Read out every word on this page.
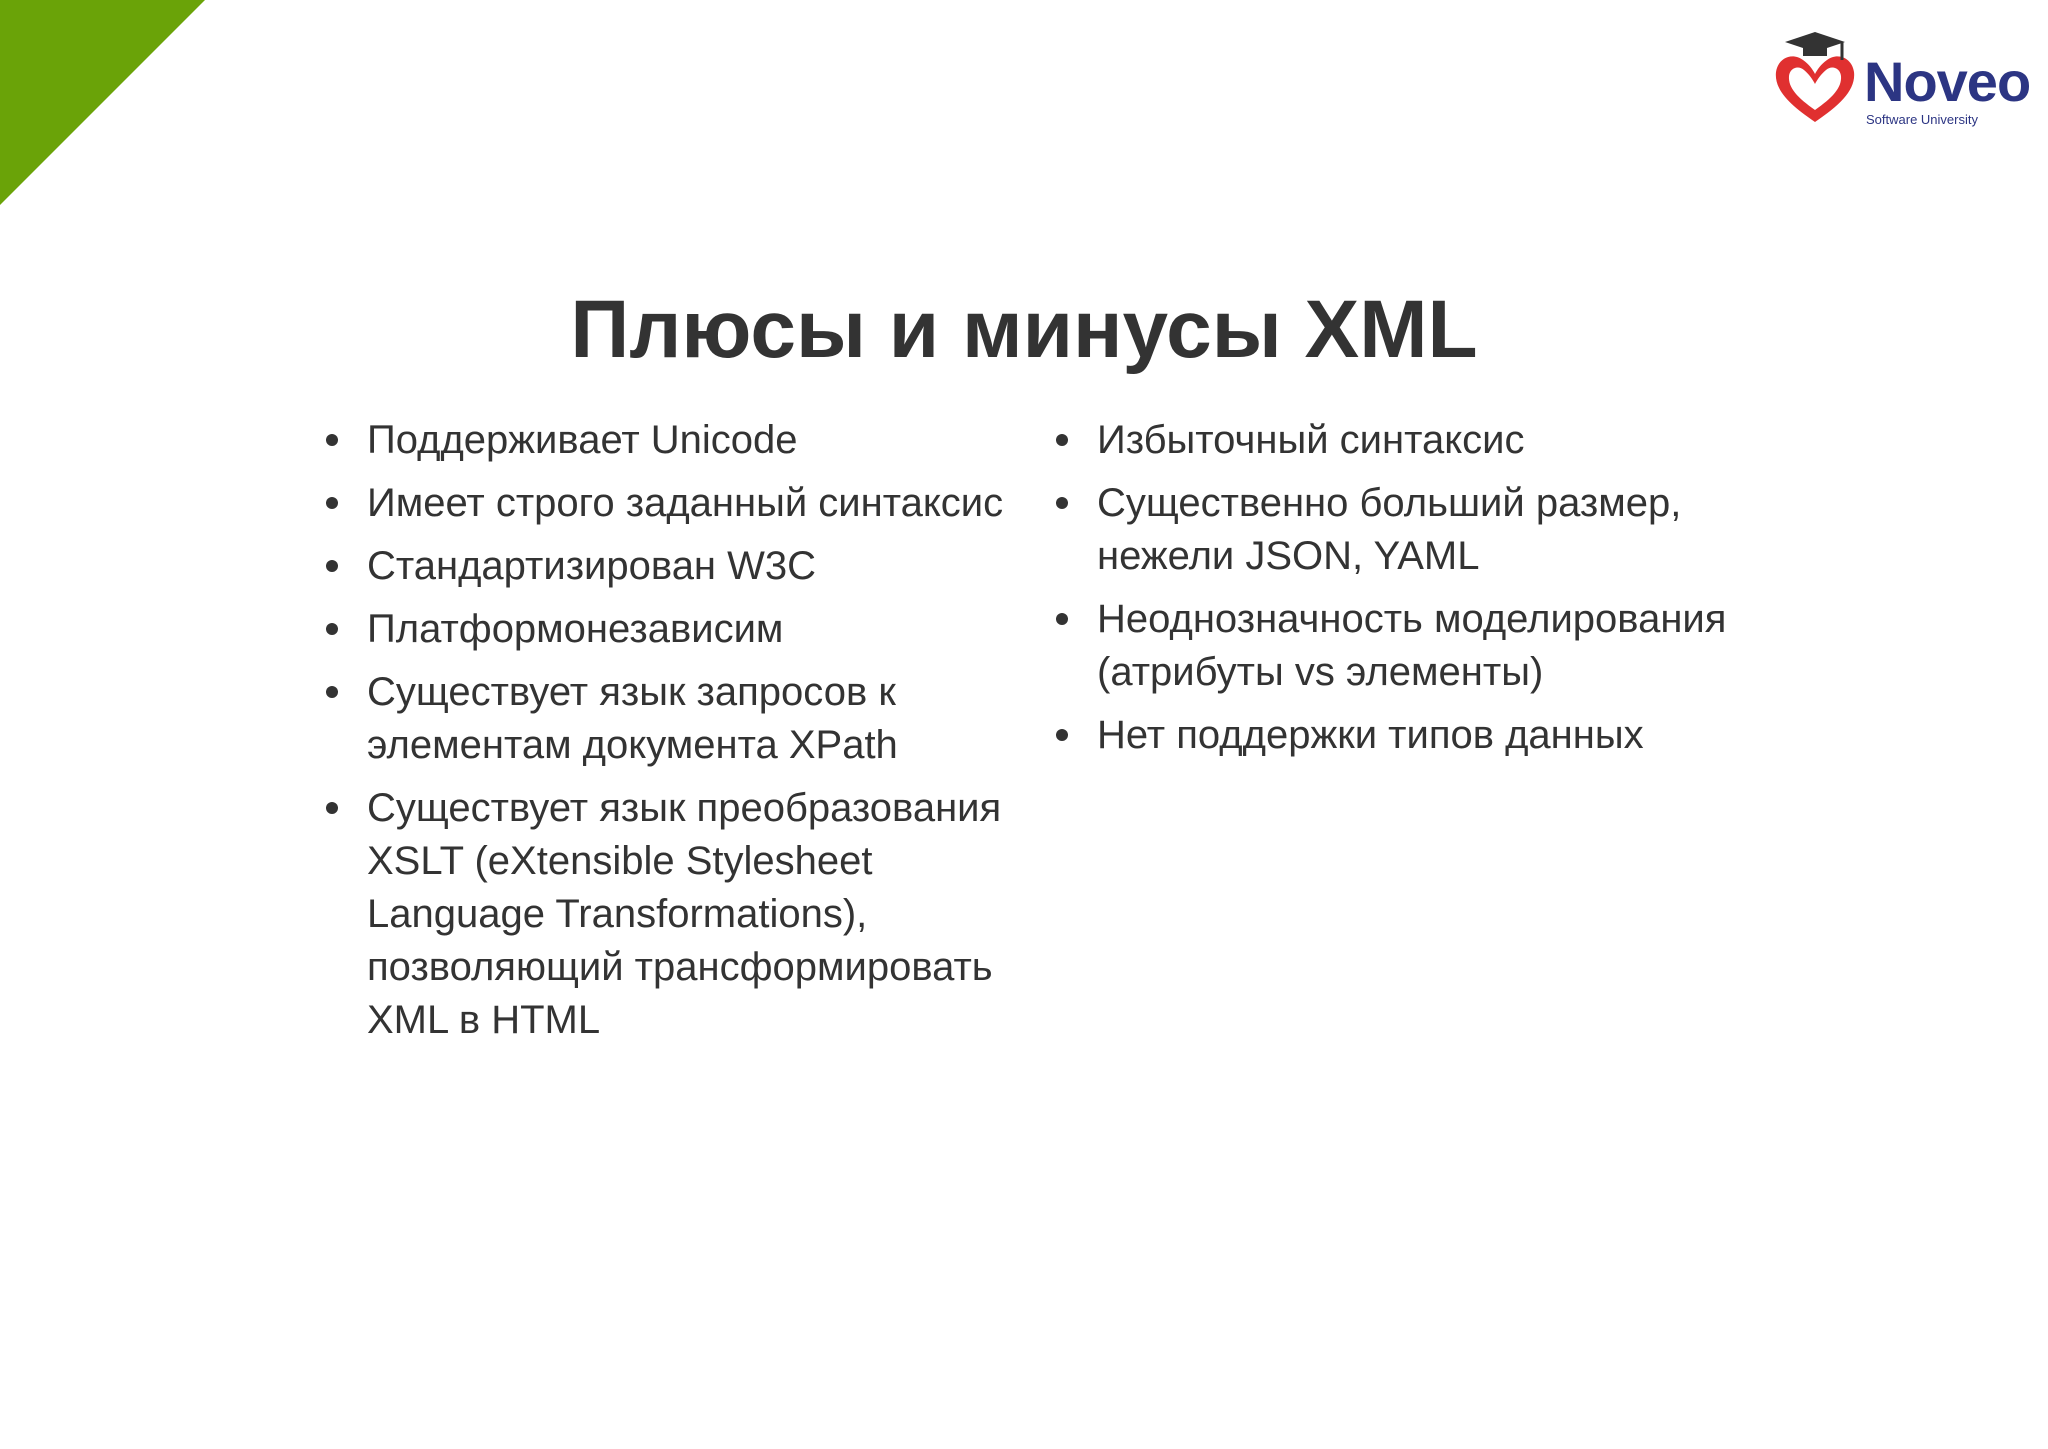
Noveo
Software University
Плюсы и минусы XML
Поддерживает Unicode
Имеет строго заданный синтаксис
Стандартизирован W3C
Платформонезависим
Существует язык запросов к элементам документа XPath
Существует язык преобразования XSLT (eXtensible Stylesheet Language Transformations), позволяющий трансформировать XML в HTML
Избыточный синтаксис
Существенно больший размер, нежели JSON, YAML
Неоднозначность моделирования (атрибуты vs элементы)
Нет поддержки типов данных
